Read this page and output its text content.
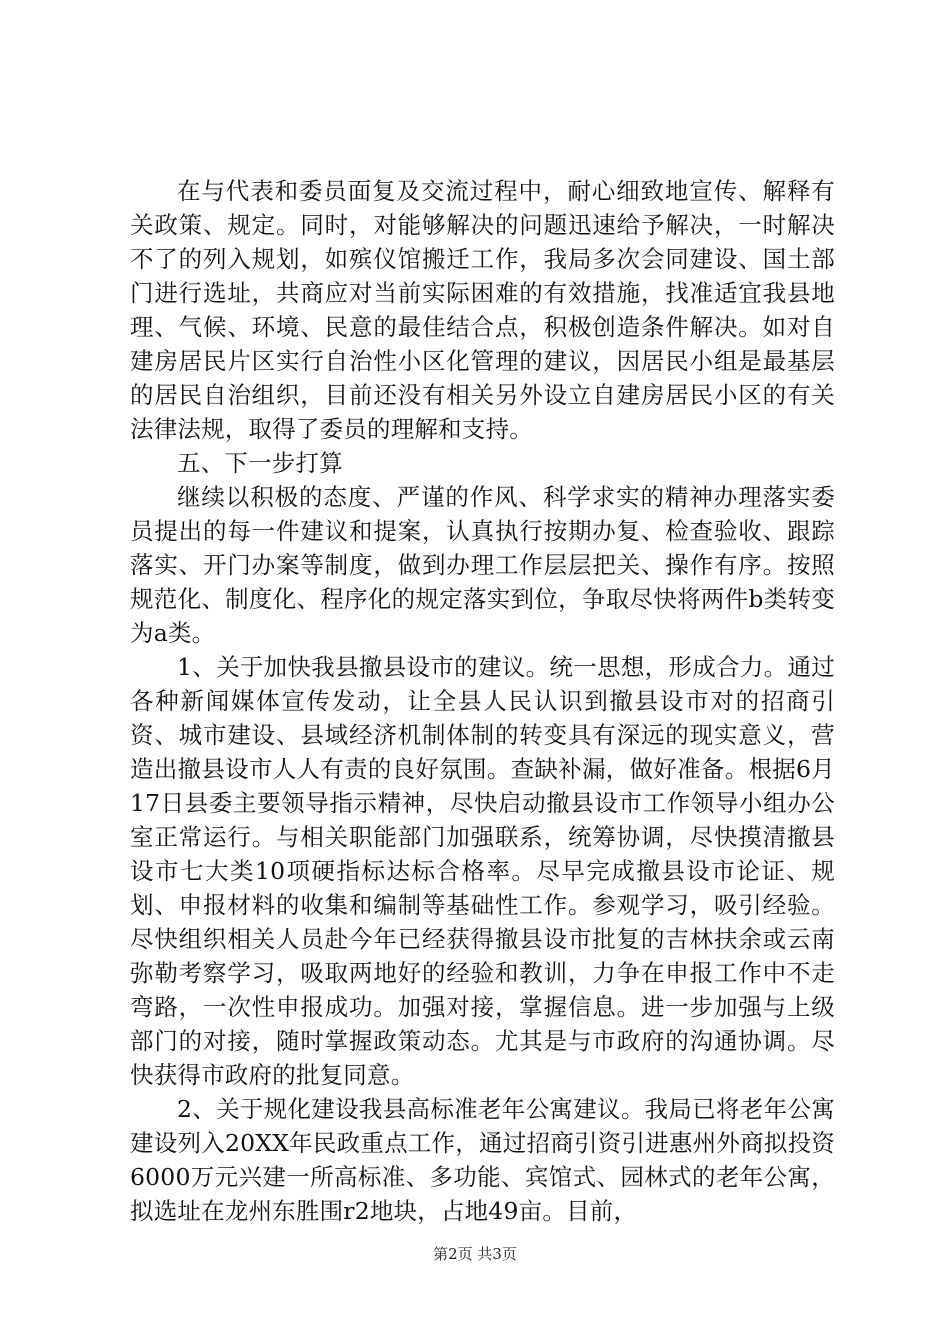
在与代表和委员面复及交流过程中，耐心细致地宣传、解释有关政策、规定。同时，对能够解决的问题迅速给予解决，一时解决不了的列入规划，如殡仪馆搬迁工作，我局多次会同建设、国土部门进行选址，共商应对当前实际困难的有效措施，找准适宜我县地理、气候、环境、民意的最佳结合点，积极创造条件解决。如对自建房居民片区实行自治性小区化管理的建议，因居民小组是最基层的居民自治组织，目前还没有相关另外设立自建房居民小区的有关法律法规，取得了委员的理解和支持。

五、下一步打算

继续以积极的态度、严谨的作风、科学求实的精神办理落实委员提出的每一件建议和提案，认真执行按期办复、检查验收、跟踪落实、开门办案等制度，做到办理工作层层把关、操作有序。按照规范化、制度化、程序化的规定落实到位，争取尽快将两件b类转变为a类。

1、关于加快我县撤县设市的建议。统一思想，形成合力。通过各种新闻媒体宣传发动，让全县人民认识到撤县设市对的招商引资、城市建设、县域经济机制体制的转变具有深远的现实意义，营造出撤县设市人人有责的良好氛围。查缺补漏，做好准备。根据6月17日县委主要领导指示精神，尽快启动撤县设市工作领导小组办公室正常运行。与相关职能部门加强联系，统筹协调，尽快摸清撤县设市七大类10项硬指标达标合格率。尽早完成撤县设市论证、规划、申报材料的收集和编制等基础性工作。参观学习，吸引经验。尽快组织相关人员赴今年已经获得撤县设市批复的吉林扶余或云南弥勒考察学习，吸取两地好的经验和教训，力争在申报工作中不走弯路，一次性申报成功。加强对接，掌握信息。进一步加强与上级部门的对接，随时掌握政策动态。尤其是与市政府的沟通协调。尽快获得市政府的批复同意。

2、关于规化建设我县高标准老年公寓建议。我局已将老年公寓建设列入20XX年民政重点工作，通过招商引资引进惠州外商拟投资6000万元兴建一所高标准、多功能、宾馆式、园林式的老年公寓，拟选址在龙州东胜围r2地块，占地49亩。目前，

第2页 共3页
